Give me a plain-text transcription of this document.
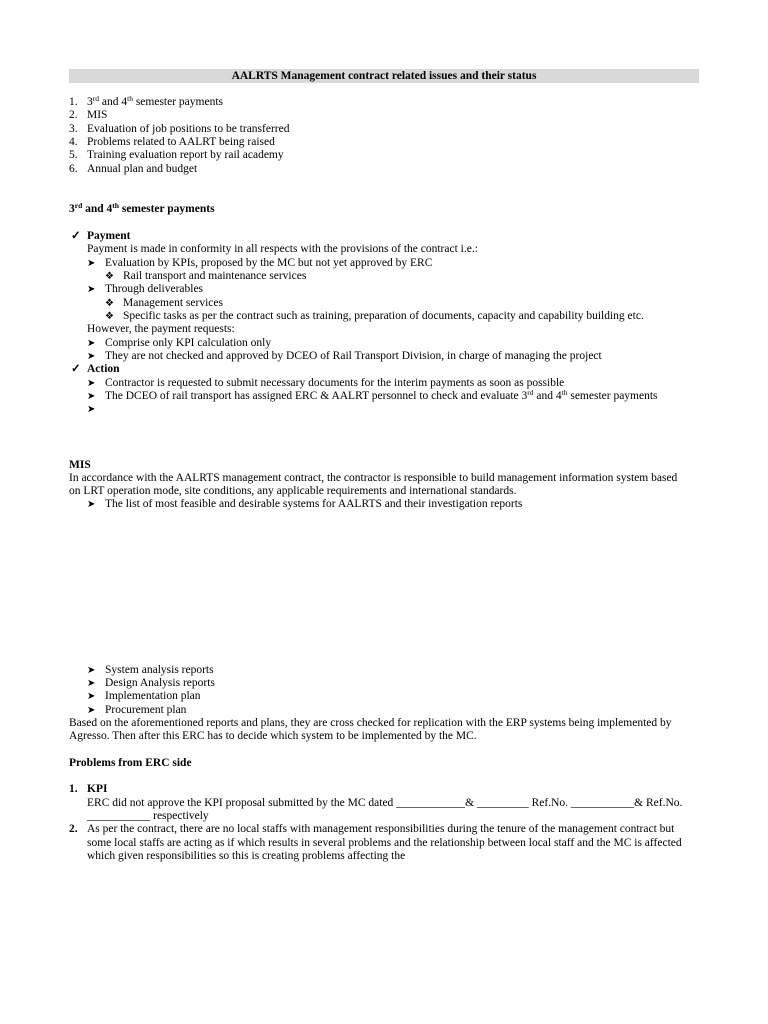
AALRTS Management contract related issues and their status
1. 3rd and 4th semester payments
2. MIS
3. Evaluation of job positions to be transferred
4. Problems related to AALRT being raised
5. Training evaluation report by rail academy
6. Annual plan and budget
3rd and 4th semester payments
✓ Payment
Payment is made in conformity in all respects with the provisions of the contract i.e.:
➤ Evaluation by KPIs, proposed by the MC but not yet approved by ERC
❖ Rail transport and maintenance services
➤ Through deliverables
❖ Management services
❖ Specific tasks as per the contract such as training, preparation of documents, capacity and capability building etc.
However, the payment requests:
➤ Comprise only KPI calculation only
➤ They are not checked and approved by DCEO of Rail Transport Division, in charge of managing the project
✓ Action
➤ Contractor is requested to submit necessary documents for the interim payments as soon as possible
➤ The DCEO of rail transport has assigned ERC & AALRT personnel to check and evaluate 3rd and 4th semester payments
➤
MIS
In accordance with the AALRTS management contract, the contractor is responsible to build management information system based
on LRT operation mode, site conditions, any applicable requirements and international standards.
➤ The list of most feasible and desirable systems for AALRTS and their investigation reports
➤ System analysis reports
➤ Design Analysis reports
➤ Implementation plan
➤ Procurement plan
Based on the aforementioned reports and plans, they are cross checked for replication with the ERP systems being implemented by
Agresso. Then after this ERC has to decide which system to be implemented by the MC.
Problems from ERC side
1. KPI
ERC did not approve the KPI proposal submitted by the MC dated ____________& _________ Ref.No. ___________& Ref.No.
___________ respectively
2. As per the contract, there are no local staffs with management responsibilities during the tenure of the management contract but
some local staffs are acting as if which results in several problems and the relationship between local staff and the MC is affected
which given responsibilities so this is creating problems affecting the
